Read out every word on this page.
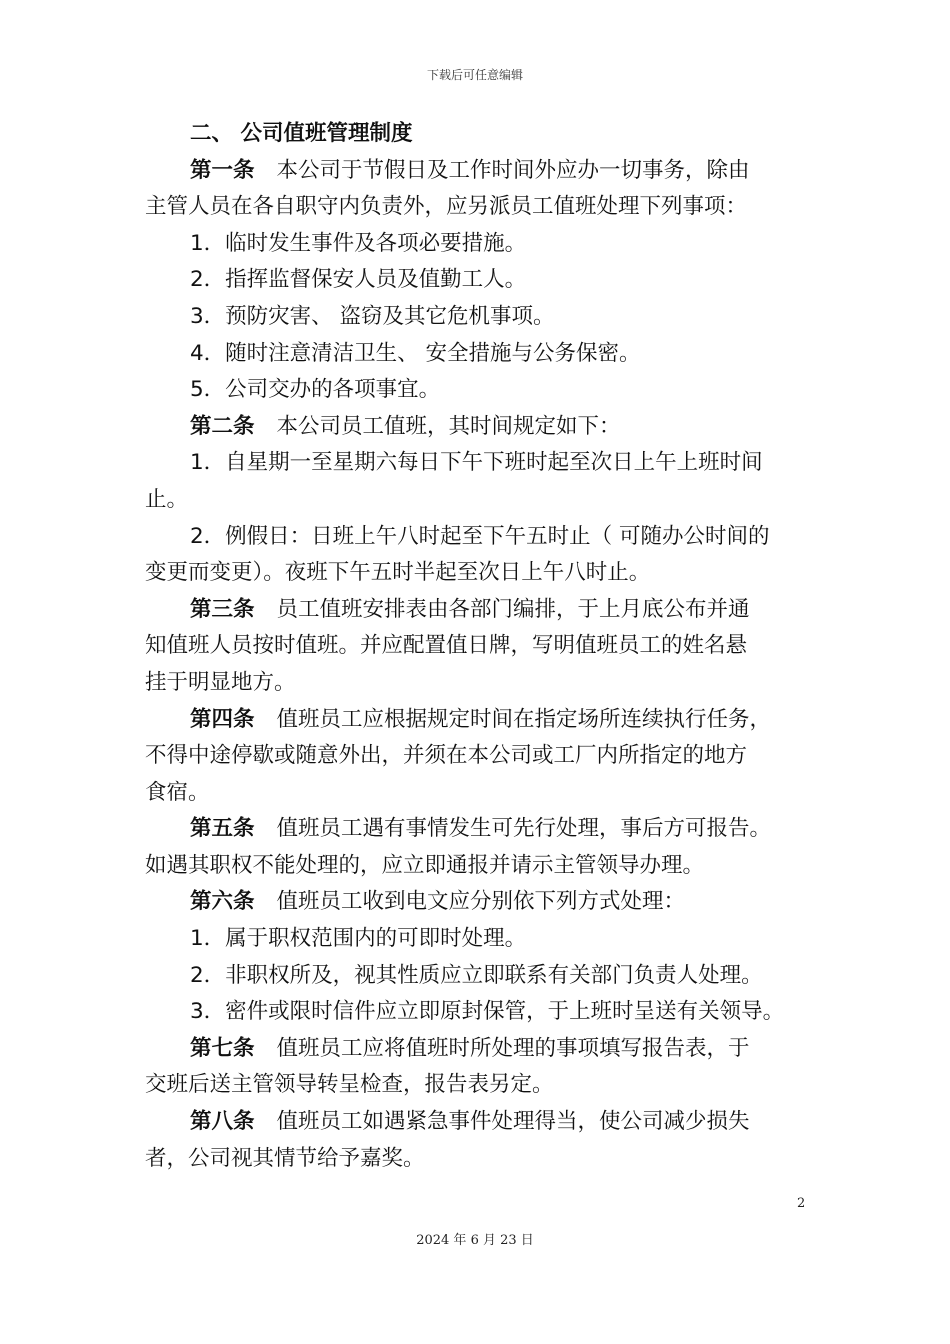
下载后可任意编辑
二、 公司值班管理制度
第一条 本公司于节假日及工作时间外应办一切事务，除由
主管人员在各自职守内负责外，应另派员工值班处理下列事项：
1．临时发生事件及各项必要措施。
2．指挥监督保安人员及值勤工人。
3．预防灾害、 盗窃及其它危机事项。
4．随时注意清洁卫生、 安全措施与公务保密。
5．公司交办的各项事宜。
第二条 本公司员工值班，其时间规定如下：
1．自星期一至星期六每日下午下班时起至次日上午上班时间
止。
2．例假日：日班上午八时起至下午五时止（ 可随办公时间的
变更而变更）。夜班下午五时半起至次日上午八时止。
第三条 员工值班安排表由各部门编排，于上月底公布并通
知值班人员按时值班。并应配置值日牌，写明值班员工的姓名悬
挂于明显地方。
第四条 值班员工应根据规定时间在指定场所连续执行任务，
不得中途停歇或随意外出，并须在本公司或工厂内所指定的地方
食宿。
第五条 值班员工遇有事情发生可先行处理，事后方可报告。
如遇其职权不能处理的，应立即通报并请示主管领导办理。
第六条 值班员工收到电文应分别依下列方式处理：
1．属于职权范围内的可即时处理。
2．非职权所及，视其性质应立即联系有关部门负责人处理。
3．密件或限时信件应立即原封保管，于上班时呈送有关领导。
第七条 值班员工应将值班时所处理的事项填写报告表，于
交班后送主管领导转呈检查，报告表另定。
第八条 值班员工如遇紧急事件处理得当，使公司减少损失
者，公司视其情节给予嘉奖。
2
2024 年 6 月 23 日
